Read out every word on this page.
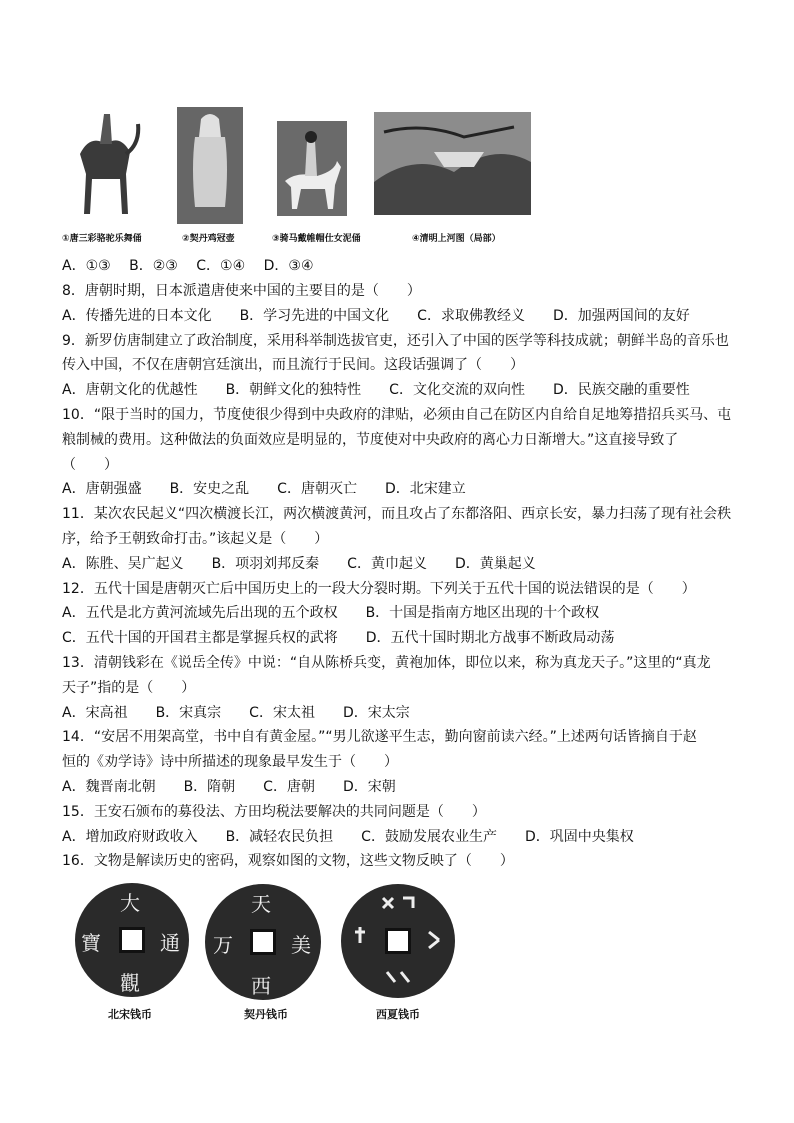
①唐三彩骆驼乐舞俑	②契丹鸡冠壶	③骑马戴帷帽仕女泥俑	④清明上河图（局部）
A．①③　 B．②③　 C．①④　 D．③④
8．唐朝时期，日本派遣唐使来中国的主要目的是（　　）
A．传播先进的日本文化　　B．学习先进的中国文化　　C．求取佛教经义　　D．加强两国间的友好
9．新罗仿唐制建立了政治制度，采用科举制选拔官吏，还引入了中国的医学等科技成就；朝鲜半岛的音乐也
传入中国，不仅在唐朝宫廷演出，而且流行于民间。这段话强调了（　　）
A．唐朝文化的优越性　　B．朝鲜文化的独特性　　C．文化交流的双向性　　D．民族交融的重要性
10．“限于当时的国力，节度使很少得到中央政府的津贴，必须由自己在防区内自给自足地筹措招兵买马、屯
粮制械的费用。这种做法的负面效应是明显的，节度使对中央政府的离心力日渐增大。”这直接导致了
（　　）
A．唐朝强盛　　B．安史之乱　　C．唐朝灭亡　　D．北宋建立
11．某次农民起义“四次横渡长江，两次横渡黄河，而且攻占了东都洛阳、西京长安，暴力扫荡了现有社会秩
序，给予王朝致命打击。”该起义是（　　）
A．陈胜、吴广起义　　B．项羽刘邦反秦　　C．黄巾起义　　D．黄巢起义
12．五代十国是唐朝灭亡后中国历史上的一段大分裂时期。下列关于五代十国的说法错误的是（　　）
A．五代是北方黄河流域先后出现的五个政权　　B．十国是指南方地区出现的十个政权
C．五代十国的开国君主都是掌握兵权的武将　　D．五代十国时期北方战事不断政局动荡
13．清朝钱彩在《说岳全传》中说：“自从陈桥兵变，黄袍加体，即位以来，称为真龙天子。”这里的“真龙
天子”指的是（　　）
A．宋高祖　　B．宋真宗　　C．宋太祖　　D．宋太宗
14．“安居不用架高堂，书中自有黄金屋。”“男儿欲遂平生志，勤向窗前读六经。”上述两句话皆摘自于赵
恒的《劝学诗》诗中所描述的现象最早发生于（　　）
A．魏晋南北朝　　B．隋朝　　C．唐朝　　D．宋朝
15．王安石颁布的募役法、方田均税法要解决的共同问题是（　　）
A．增加政府财政收入　　B．减轻农民负担　　C．鼓励发展农业生产　　D．巩固中央集权
16．文物是解读历史的密码，观察如图的文物，这些文物反映了（　　）
大
通
寶
觀
天
美
万
西
北宋钱币	契丹钱币	西夏钱币
